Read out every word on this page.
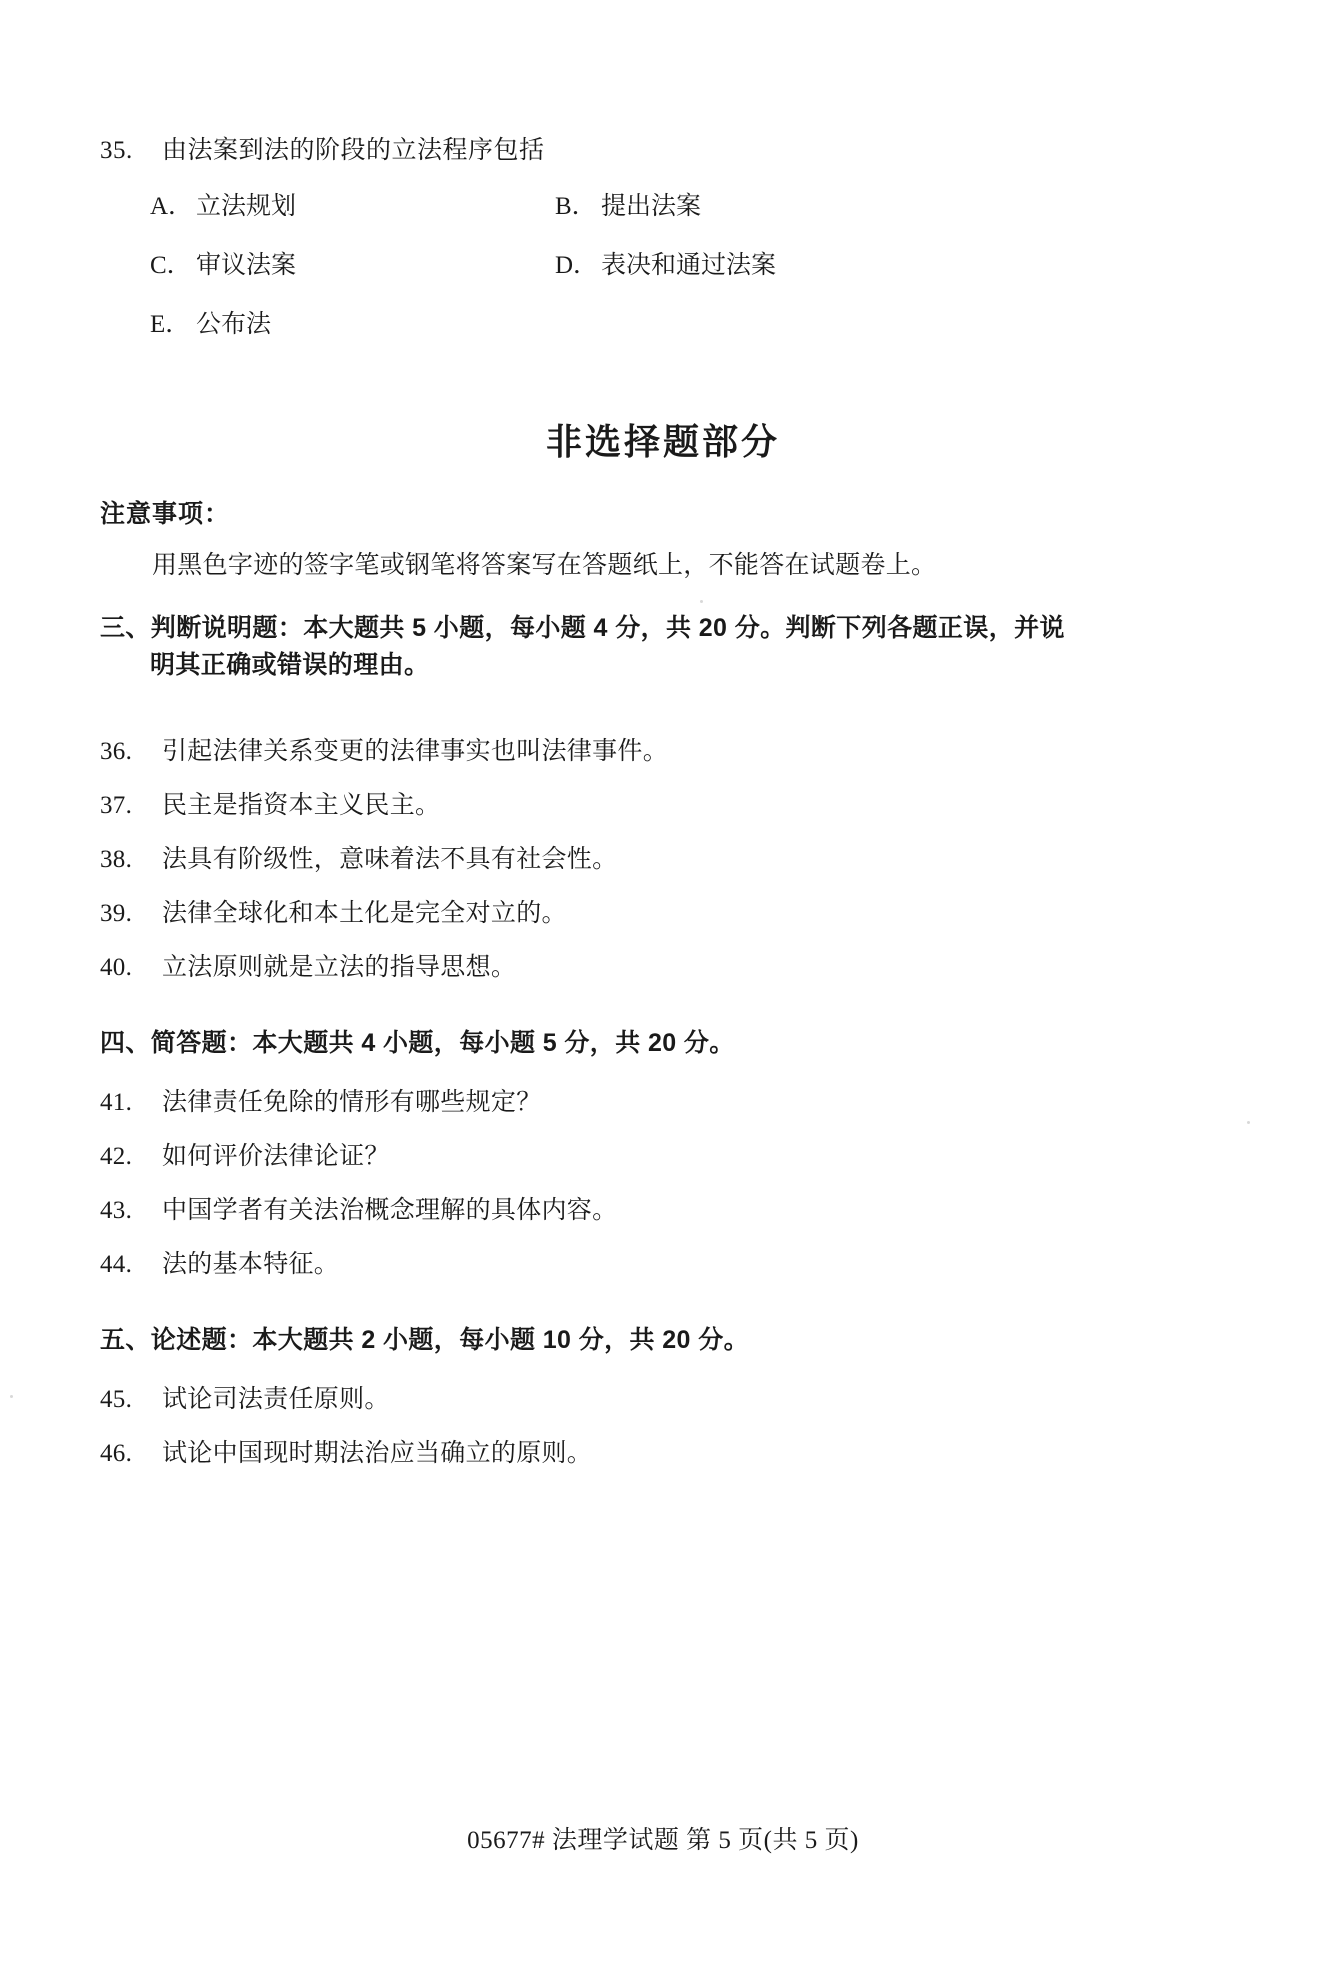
35.	由法案到法的阶段的立法程序包括
A． 立法规划	B． 提出法案
C． 审议法案	D． 表决和通过法案
E． 公布法
非选择题部分
注意事项：
用黑色字迹的签字笔或钢笔将答案写在答题纸上，不能答在试题卷上。
三、判断说明题：本大题共 5 小题，每小题 4 分，共 20 分。判断下列各题正误，并说
明其正确或错误的理由。
36.	引起法律关系变更的法律事实也叫法律事件。
37.	民主是指资本主义民主。
38.	法具有阶级性，意味着法不具有社会性。
39.	法律全球化和本土化是完全对立的。
40.	立法原则就是立法的指导思想。
四、简答题：本大题共 4 小题，每小题 5 分，共 20 分。
41.	法律责任免除的情形有哪些规定？
42.	如何评价法律论证？
43.	中国学者有关法治概念理解的具体内容。
44.	法的基本特征。
五、论述题：本大题共 2 小题，每小题 10 分，共 20 分。
45.	试论司法责任原则。
46.	试论中国现时期法治应当确立的原则。
05677# 法理学试题 第 5 页(共 5 页)
